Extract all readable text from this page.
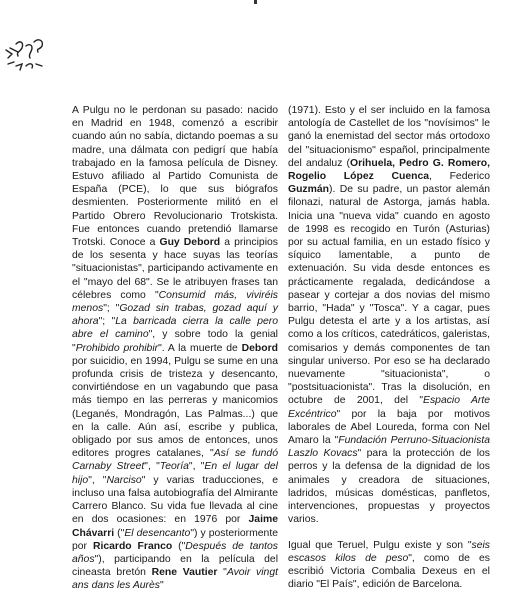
A Pulgu no le perdonan su pasado: nacido en Madrid en 1948, comenzó a escribir cuando aún no sabía, dictando poemas a su madre, una dálmata con pedigrí que había trabajado en la famosa película de Disney. Estuvo afiliado al Partido Comunista de España (PCE), lo que sus biógrafos desmienten. Posteriormente militó en el Partido Obrero Revolucionario Trotskista. Fue entonces cuando pretendió llamarse Trotski. Conoce a Guy Debord a principios de los sesenta y hace suyas las teorías "situacionistas", participando activamente en el "mayo del 68". Se le atribuyen frases tan célebres como "Consumid más, viviréis menos"; "Gozad sin trabas, gozad aquí y ahora"; "La barricada cierra la calle pero abre el camino", y sobre todo la genial "Prohibido prohibir". A la muerte de Debord por suicidio, en 1994, Pulgu se sume en una profunda crisis de tristeza y desencanto, convirtiéndose en un vagabundo que pasa más tiempo en las perreras y manicomios (Leganés, Mondragón, Las Palmas...) que en la calle. Aún así, escribe y publica, obligado por sus amos de entonces, unos editores progres catalanes, "Así se fundó Carnaby Street", "Teoría", "En el lugar del hijo", "Narciso" y varias traducciones, e incluso una falsa autobiografía del Almirante Carrero Blanco. Su vida fue llevada al cine en dos ocasiones: en 1976 por Jaime Chávarri ("El desencanto") y posteriormente por Ricardo Franco ("Después de tantos años"), participando en la película del cineasta bretón Rene Vautier "Avoir vingt ans dans les Aurès"

(1971). Esto y el ser incluido en la famosa antología de Castellet de los "novísimos" le ganó la enemistad del sector más ortodoxo del "situacionismo" español, principalmente del andaluz (Orihuela, Pedro G. Romero, Rogelio López Cuenca, Federico Guzmán). De su padre, un pastor alemán filonazi, natural de Astorga, jamás habla. Inicia una "nueva vida" cuando en agosto de 1998 es recogido en Turón (Asturias) por su actual familia, en un estado físico y síquico lamentable, a punto de extenuación. Su vida desde entonces es prácticamente regalada, dedicándose a pasear y cortejar a dos novias del mismo barrio, "Hada" y "Tosca". Y a cagar, pues Pulgu detesta el arte y a los artistas, así como a los críticos, catedráticos, galeristas, comisarios y demás componentes de tan singular universo. Por eso se ha declarado nuevamente "situacionista", o "postsituacionista". Tras la disolución, en octubre de 2001, del "Espacio Arte Excéntrico" por la baja por motivos laborales de Abel Loureda, forma con Nel Amaro la "Fundación Perruno-Situacionista Laszlo Kovacs" para la protección de los perros y la defensa de la dignidad de los animales y creadora de situaciones, ladridos, músicas domésticas, panfletos, intervenciones, propuestas y proyectos varios.

Igual que Teruel, Pulgu existe y son "seis escasos kilos de peso", como de es escribió Victoria Combalia Dexeus en el diario "El País", edición de Barcelona.
